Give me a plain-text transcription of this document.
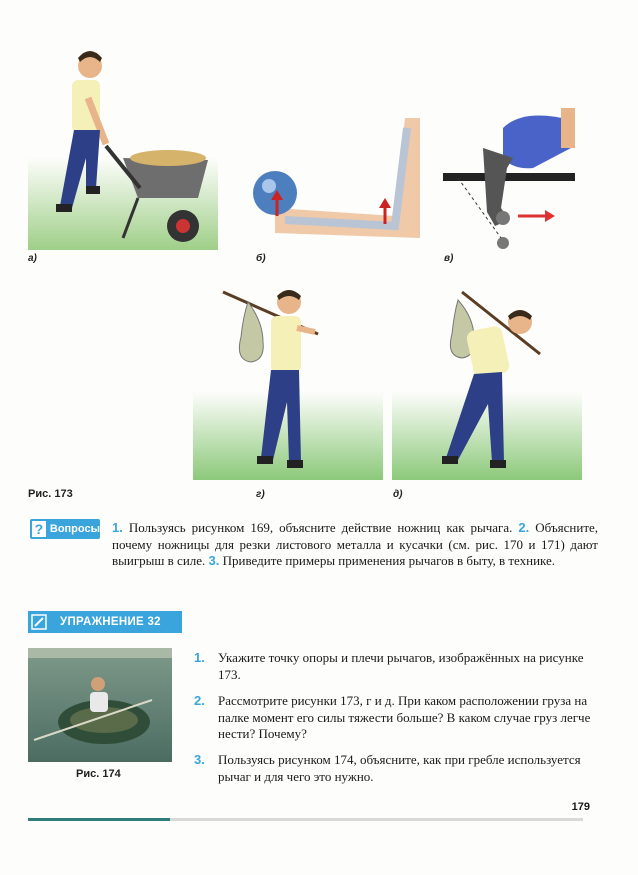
а)	б)	в)
г)	д)
Рис. 173
? Вопросы 1. Пользуясь рисунком 169, объясните действие ножниц как рычага. 2. Объясните, почему ножницы для резки листового металла и кусачки (см. рис. 170 и 171) дают выигрыш в силе. 3. Приведите примеры применения рычагов в быту, в технике.
УПРАЖНЕНИЕ 32
Рис. 174
1. Укажите точку опоры и плечи рычагов, изображённых на рисунке 173.
2. Рассмотрите рисунки 173, г и д. При каком расположении груза на палке момент его силы тяжести больше? В каком случае груз легче нести? Почему?
3. Пользуясь рисунком 174, объясните, как при гребле используется рычаг и для чего это нужно.
179
